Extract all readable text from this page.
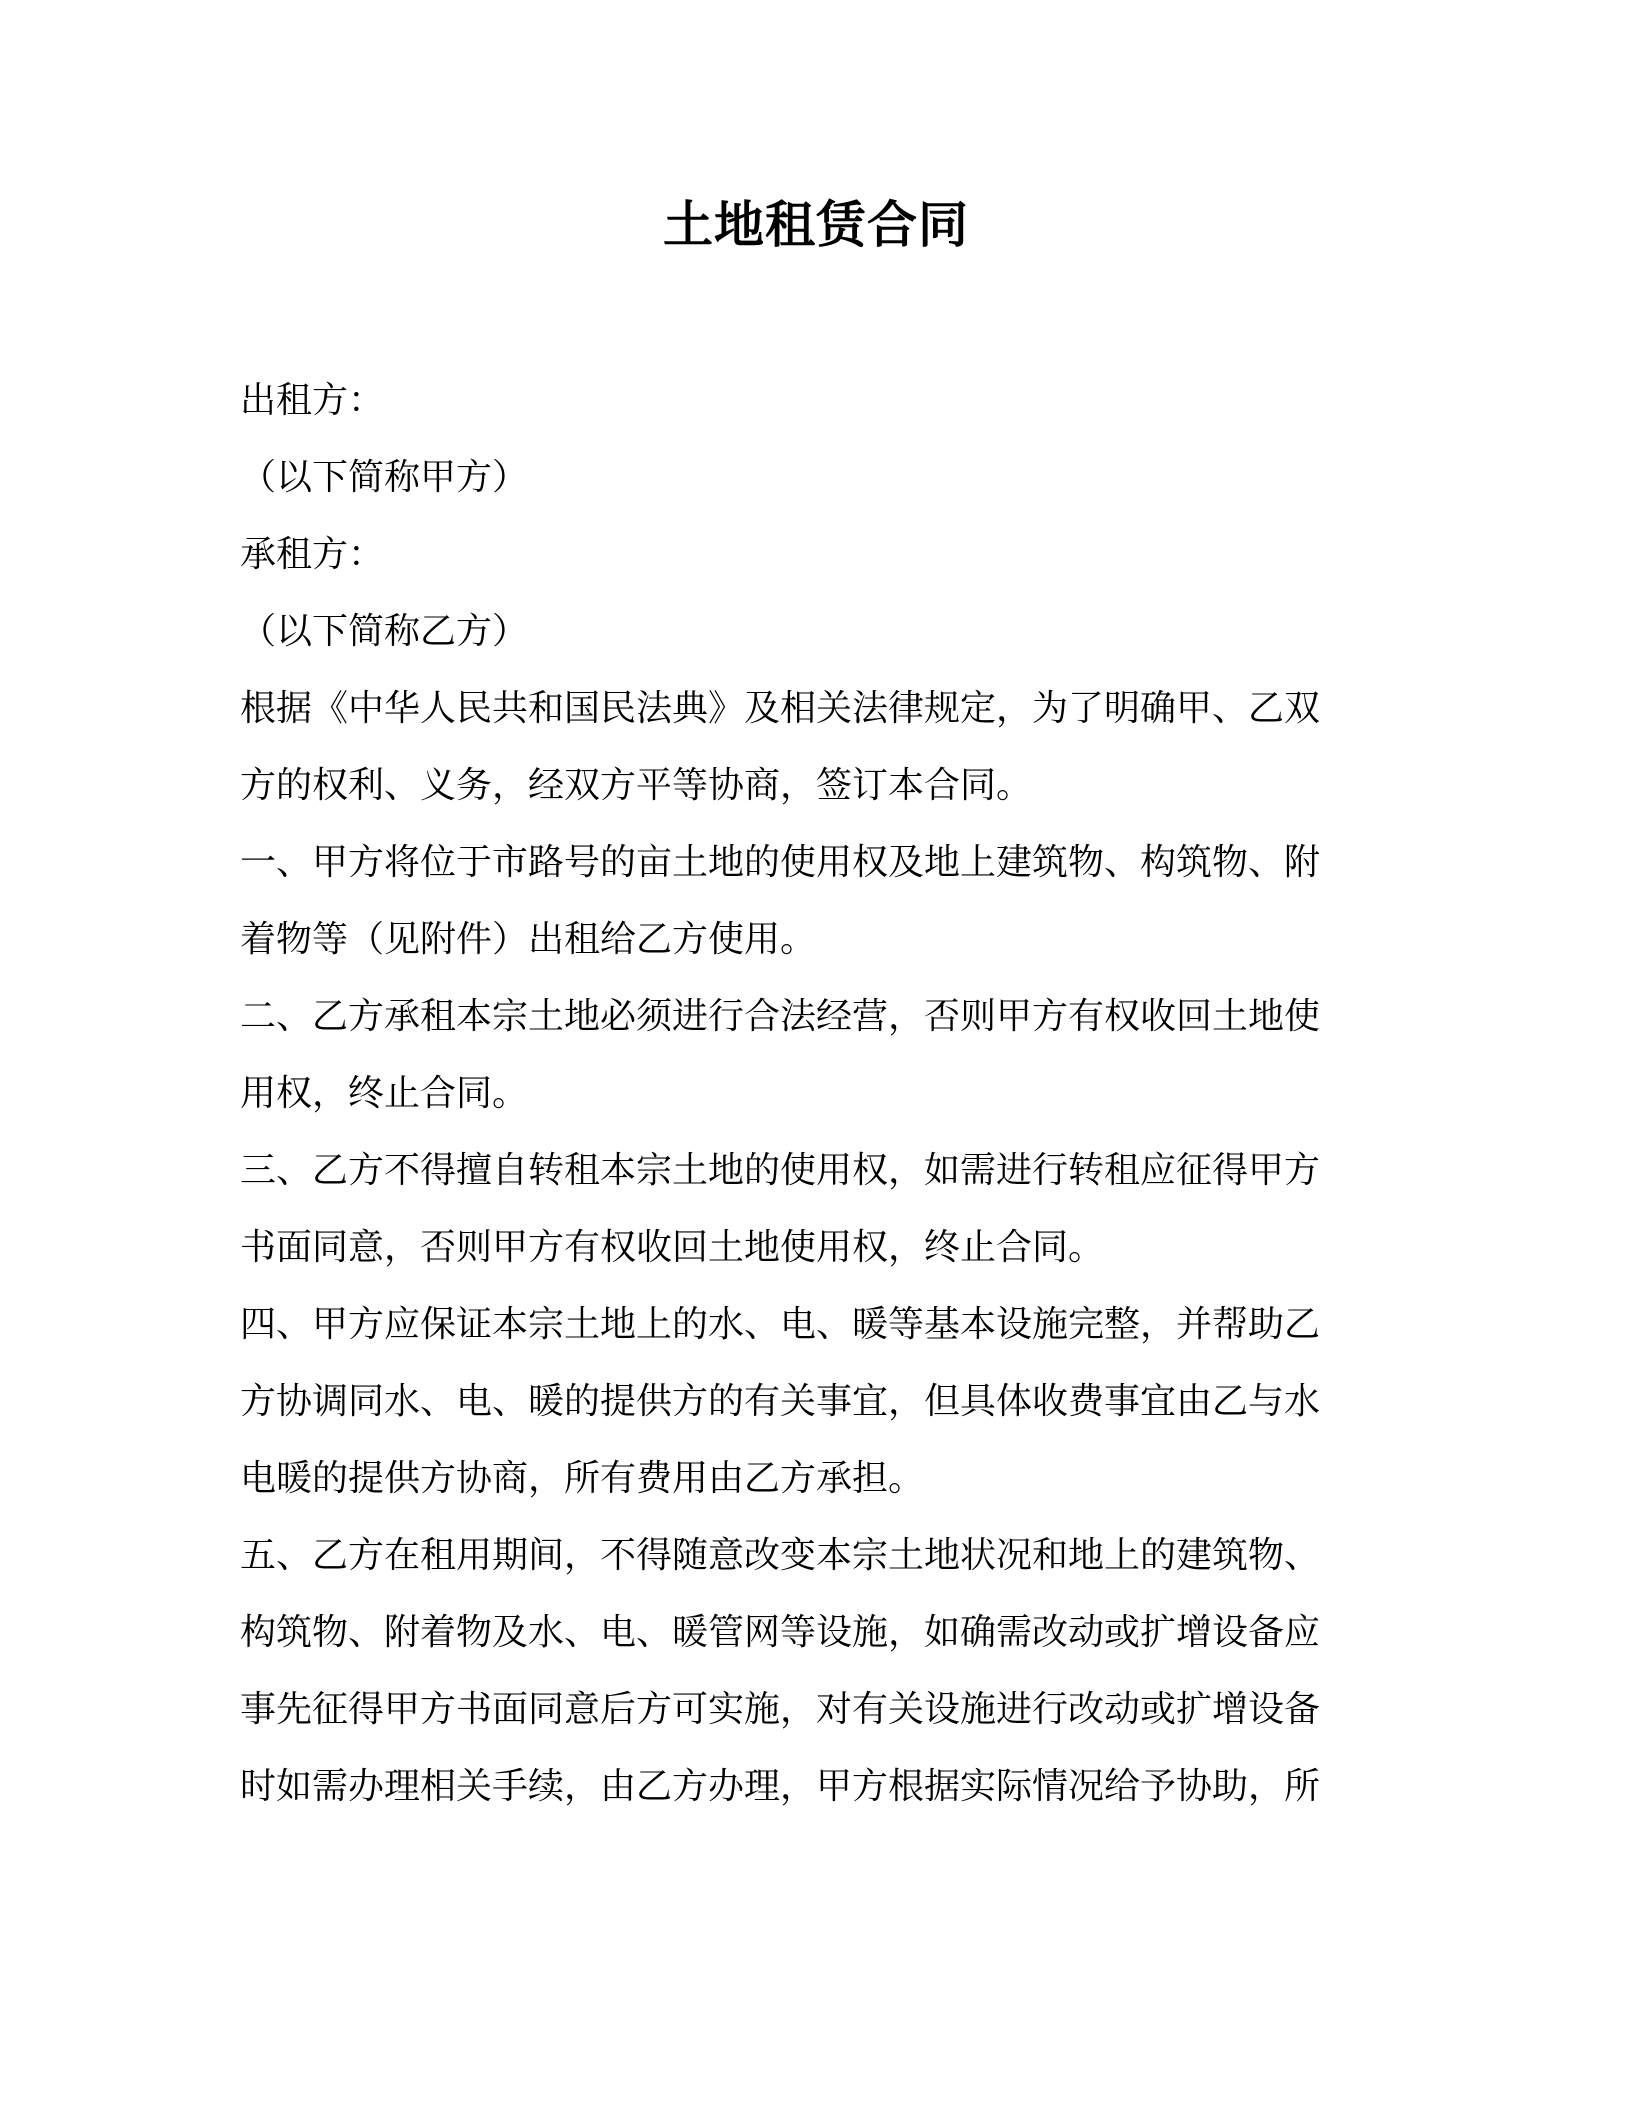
土地租赁合同
出租方：
（以下简称甲方）
承租方：
（以下简称乙方）
根据《中华人民共和国民法典》及相关法律规定，为了明确甲、乙双
方的权利、义务，经双方平等协商，签订本合同。
一、甲方将位于市路号的亩土地的使用权及地上建筑物、构筑物、附
着物等（见附件）出租给乙方使用。
二、乙方承租本宗土地必须进行合法经营，否则甲方有权收回土地使
用权，终止合同。
三、乙方不得擅自转租本宗土地的使用权，如需进行转租应征得甲方
书面同意，否则甲方有权收回土地使用权，终止合同。
四、甲方应保证本宗土地上的水、电、暖等基本设施完整，并帮助乙
方协调同水、电、暖的提供方的有关事宜，但具体收费事宜由乙与水
电暖的提供方协商，所有费用由乙方承担。
五、乙方在租用期间，不得随意改变本宗土地状况和地上的建筑物、
构筑物、附着物及水、电、暖管网等设施，如确需改动或扩增设备应
事先征得甲方书面同意后方可实施，对有关设施进行改动或扩增设备
时如需办理相关手续，由乙方办理，甲方根据实际情况给予协助，所
